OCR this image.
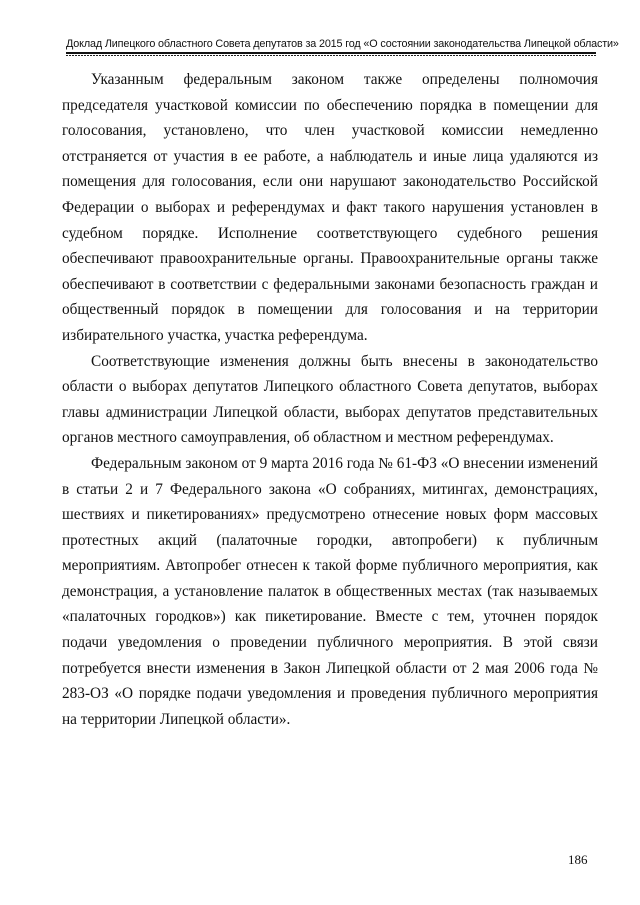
Доклад Липецкого областного Совета депутатов за 2015 год «О состоянии законодательства Липецкой области»

Указанным федеральным законом также определены полномочия председателя участковой комиссии по обеспечению порядка в помещении для голосования, установлено, что член участковой комиссии немедленно отстраняется от участия в ее работе, а наблюдатель и иные лица удаляются из помещения для голосования, если они нарушают законодательство Российской Федерации о выборах и референдумах и факт такого нарушения установлен в судебном порядке. Исполнение соответствующего судебного решения обеспечивают правоохранительные органы. Правоохранительные органы также обеспечивают в соответствии с федеральными законами безопасность граждан и общественный порядок в помещении для голосования и на территории избирательного участка, участка референдума.

Соответствующие изменения должны быть внесены в законодательство области о выборах депутатов Липецкого областного Совета депутатов, выборах главы администрации Липецкой области, выборах депутатов представительных органов местного самоуправления, об областном и местном референдумах.

Федеральным законом от 9 марта 2016 года № 61-ФЗ «О внесении изменений в статьи 2 и 7 Федерального закона «О собраниях, митингах, демонстрациях, шествиях и пикетированиях» предусмотрено отнесение новых форм массовых протестных акций (палаточные городки, автопробеги) к публичным мероприятиям. Автопробег отнесен к такой форме публичного мероприятия, как демонстрация, а установление палаток в общественных местах (так называемых «палаточных городков») как пикетирование. Вместе с тем, уточнен порядок подачи уведомления о проведении публичного мероприятия. В этой связи потребуется внести изменения в Закон Липецкой области от 2 мая 2006 года № 283-ОЗ «О порядке подачи уведомления и проведения публичного мероприятия на территории Липецкой области».

186
